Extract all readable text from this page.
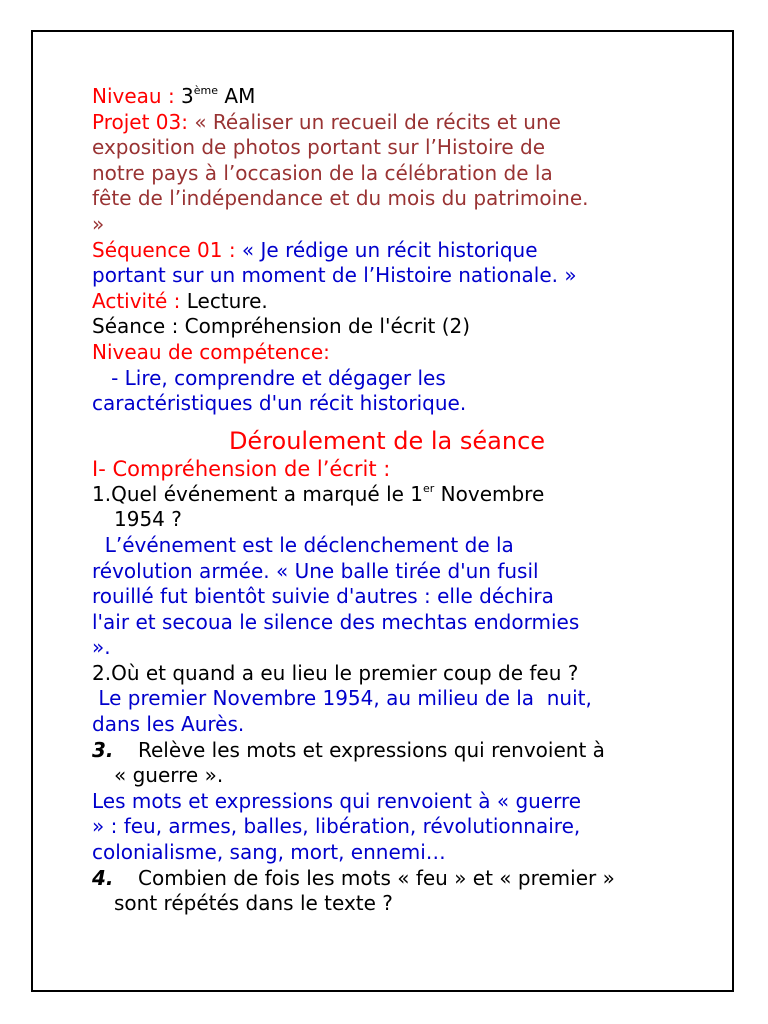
Niveau : 3ème AM
Projet 03: « Réaliser un recueil de récits et une
exposition de photos portant sur l’Histoire de
notre pays à l’occasion de la célébration de la
fête de l’indépendance et du mois du patrimoine.
»
Séquence 01 : « Je rédige un récit historique
portant sur un moment de l’Histoire nationale. »
Activité : Lecture.
Séance : Compréhension de l'écrit (2)
Niveau de compétence:
- Lire, comprendre et dégager les
caractéristiques d'un récit historique.
Déroulement de la séance
I- Compréhension de l’écrit :
1.Quel événement a marqué le 1er Novembre
1954 ?
L’événement est le déclenchement de la
révolution armée. « Une balle tirée d'un fusil
rouillé fut bientôt suivie d'autres : elle déchira
l'air et secoua le silence des mechtas endormies
».
2.Où et quand a eu lieu le premier coup de feu ?
Le premier Novembre 1954, au milieu de la  nuit,
dans les Aurès.
3. Relève les mots et expressions qui renvoient à
« guerre ».
Les mots et expressions qui renvoient à « guerre
» : feu, armes, balles, libération, révolutionnaire,
colonialisme, sang, mort, ennemi…
4. Combien de fois les mots « feu » et « premier »
sont répétés dans le texte ?
